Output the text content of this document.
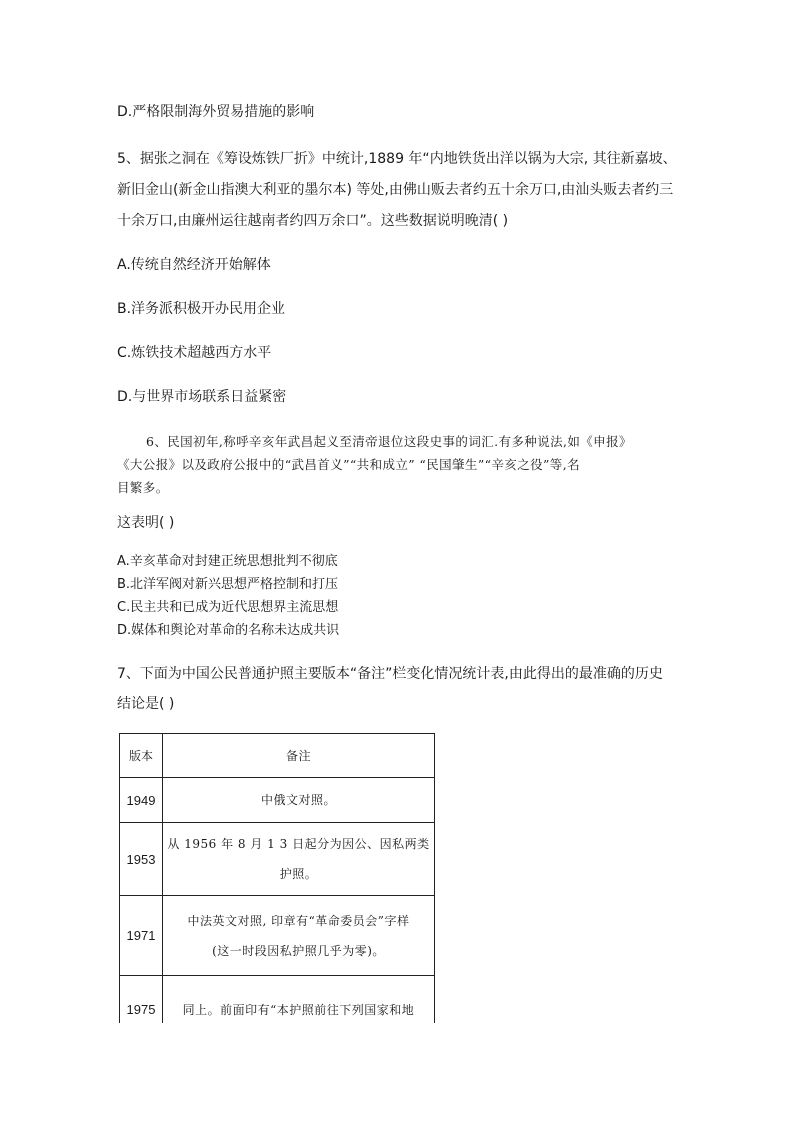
D.严格限制海外贸易措施的影响
5、据张之洞在《筹设炼铁厂折》中统计,1889 年“内地铁货出洋以锅为大宗, 其往新嘉坡、
新旧金山(新金山指澳大利亚的墨尔本) 等处,由佛山贩去者约五十余万口,由汕头贩去者约三
十余万口,由廉州运往越南者约四万余口”。这些数据说明晚清( )
A.传统自然经济开始解体
B.洋务派积极开办民用企业
C.炼铁技术超越西方水平
D.与世界市场联系日益紧密
6、民国初年,称呼辛亥年武昌起义至清帝退位这段史事的词汇.有多种说法,如《申报》
《大公报》以及政府公报中的“武昌首义”“共和成立” “民国肇生”“辛亥之役”等,名
目繁多。
这表明( )
A.辛亥革命对封建正统思想批判不彻底
B.北洋军阀对新兴思想严格控制和打压
C.民主共和已成为近代思想界主流思想
D.媒体和舆论对革命的名称未达成共识
7、下面为中国公民普通护照主要版本“备注”栏变化情况统计表,由此得出的最准确的历史
结论是( )
版本	备注
1949	中俄文对照。
1953	从 1956 年 8 月 1 3 日起分为因公、因私两类
护照。

1971	中法英文对照, 印章有“革命委员会”字样
(这一时段因私护照几乎为零)。

1975	同上。前面印有“本护照前往下列国家和地
